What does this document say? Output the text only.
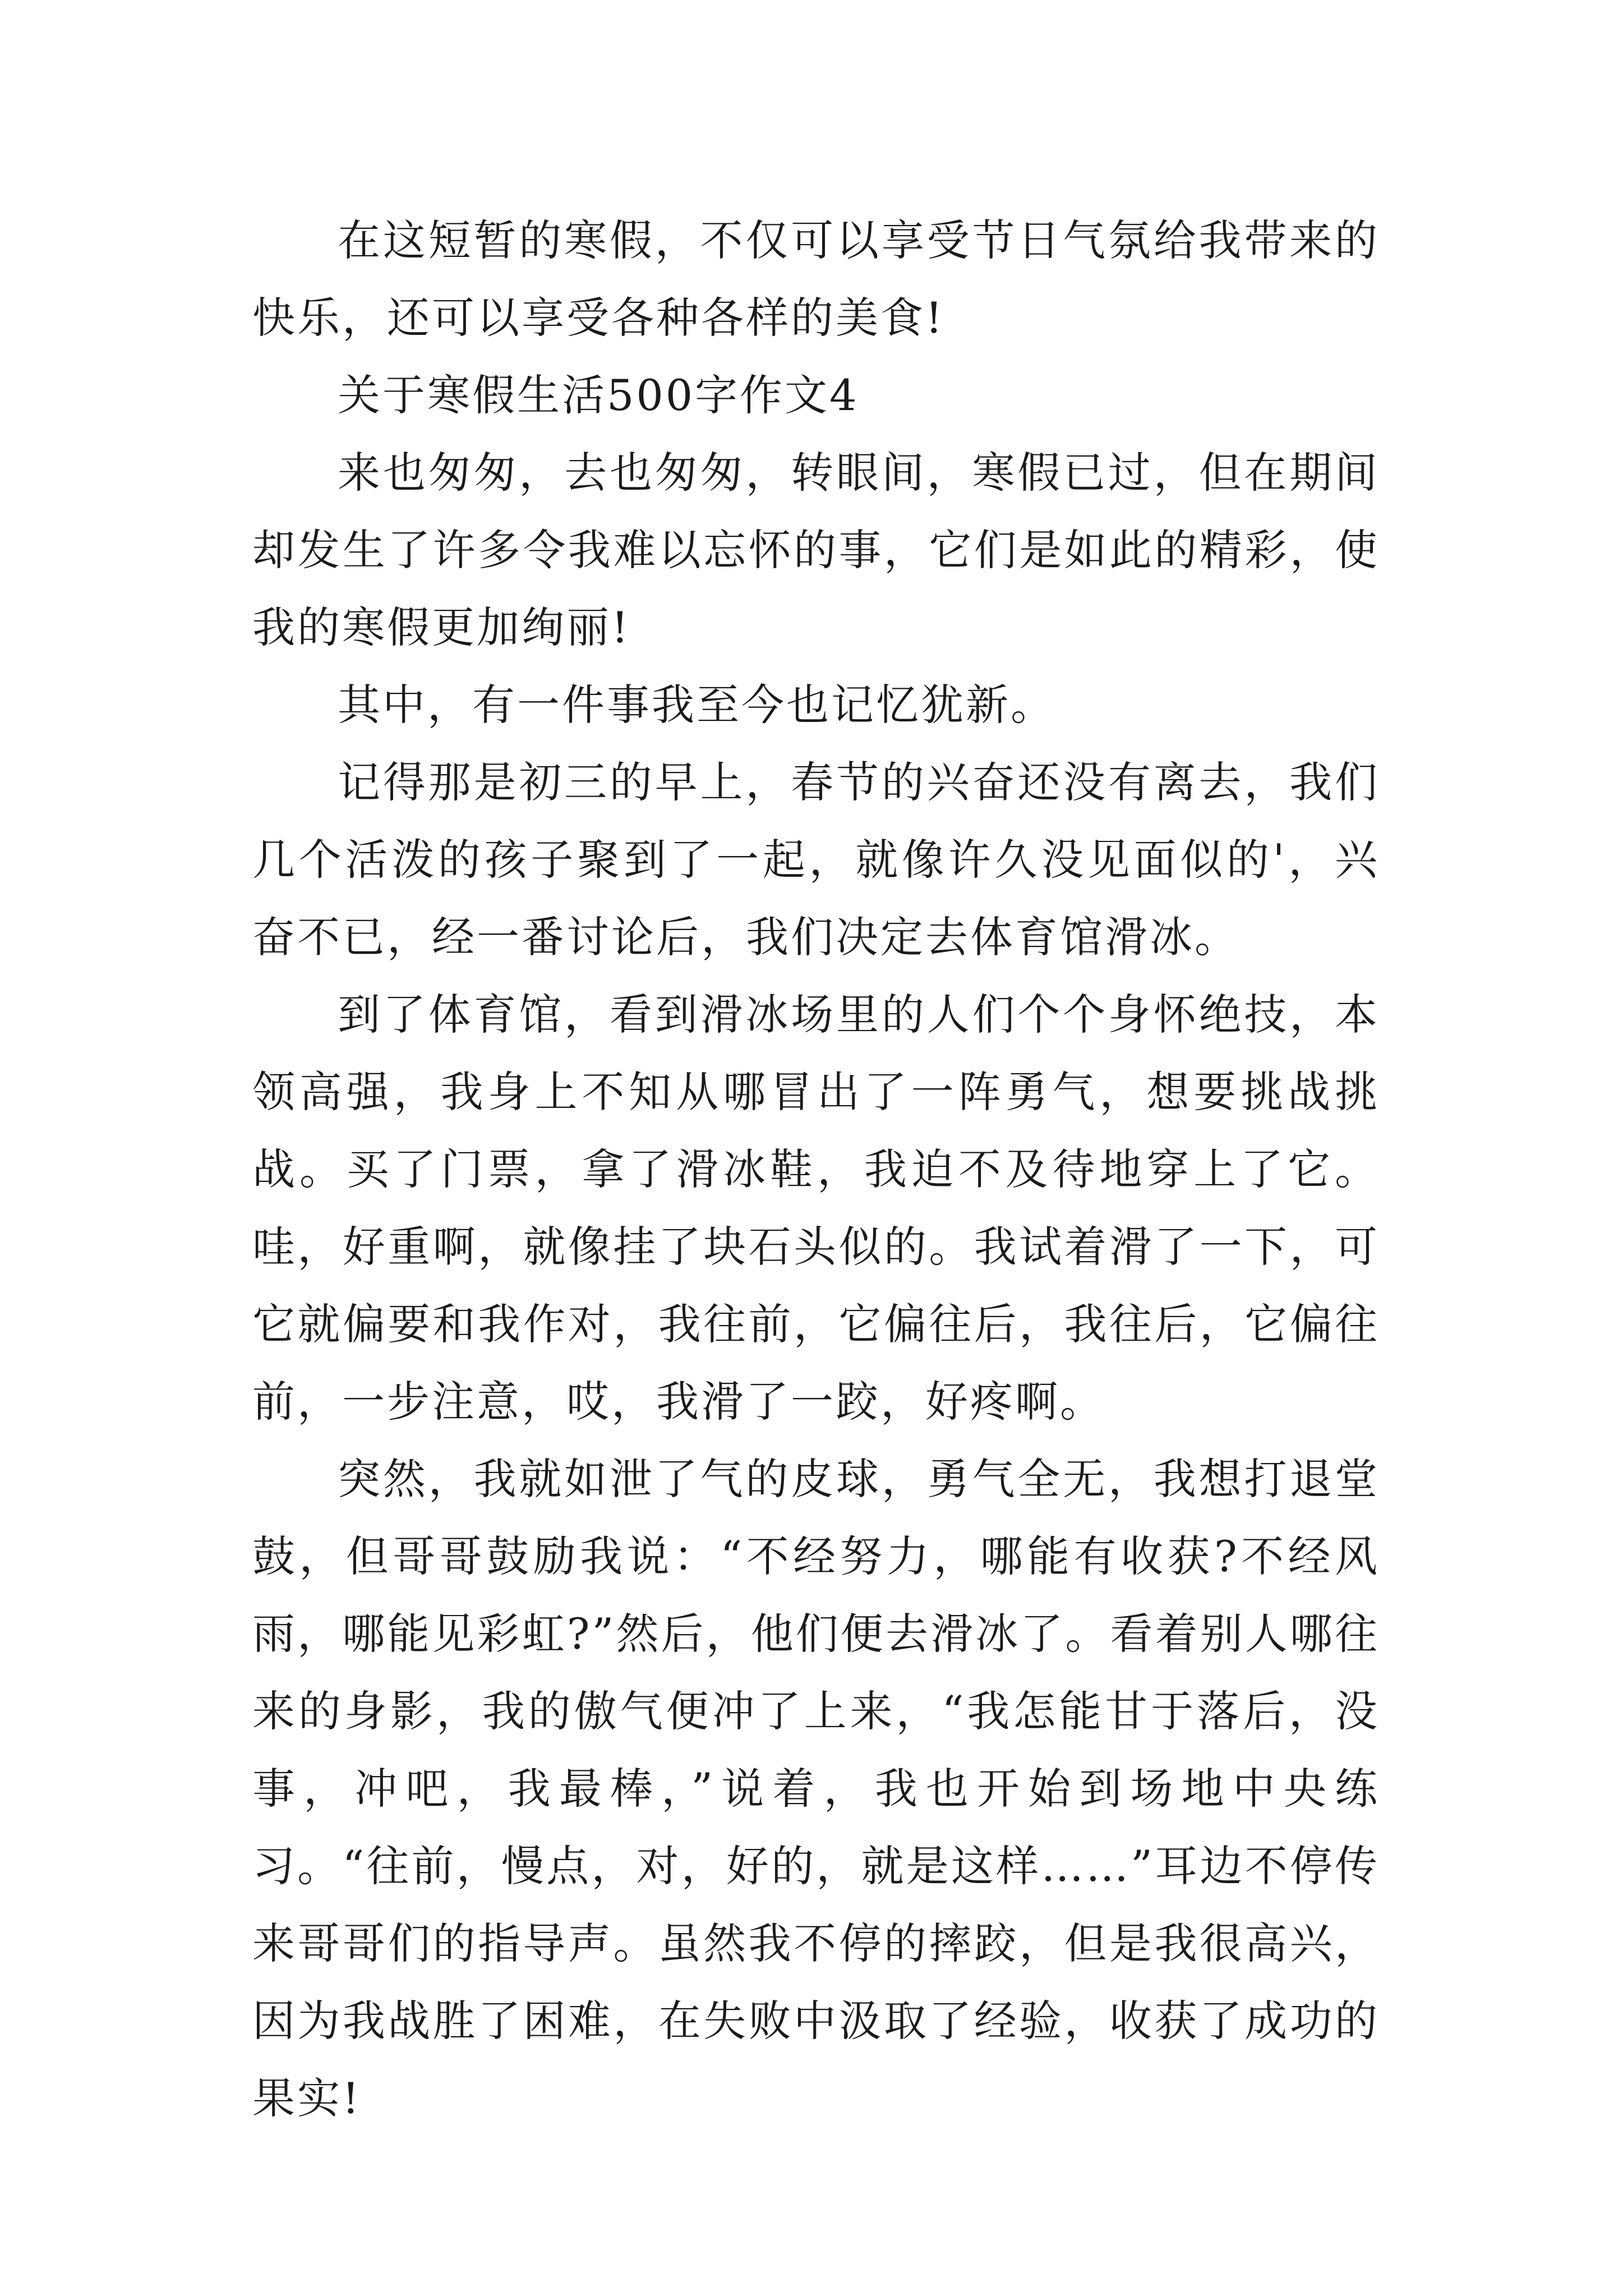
在这短暂的寒假，不仅可以享受节日气氛给我带来的快乐，还可以享受各种各样的美食!

关于寒假生活500字作文4

来也匆匆，去也匆匆，转眼间，寒假已过，但在期间却发生了许多令我难以忘怀的事，它们是如此的精彩，使我的寒假更加绚丽!

其中，有一件事我至今也记忆犹新。

记得那是初三的早上，春节的兴奋还没有离去，我们几个活泼的孩子聚到了一起，就像许久没见面似的'，兴奋不已，经一番讨论后，我们决定去体育馆滑冰。

到了体育馆，看到滑冰场里的人们个个身怀绝技，本领高强，我身上不知从哪冒出了一阵勇气，想要挑战挑战。买了门票，拿了滑冰鞋，我迫不及待地穿上了它。哇，好重啊，就像挂了块石头似的。我试着滑了一下，可它就偏要和我作对，我往前，它偏往后，我往后，它偏往前，一步注意，哎，我滑了一跤，好疼啊。

突然，我就如泄了气的皮球，勇气全无，我想打退堂鼓，但哥哥鼓励我说：“不经努力，哪能有收获?不经风雨，哪能见彩虹?”然后，他们便去滑冰了。看着别人哪往来的身影，我的傲气便冲了上来，“我怎能甘于落后，没事，冲吧，我最棒，”说着，我也开始到场地中央练习。“往前，慢点，对，好的，就是这样……”耳边不停传来哥哥们的指导声。虽然我不停的摔跤，但是我很高兴，因为我战胜了困难，在失败中汲取了经验，收获了成功的果实!
